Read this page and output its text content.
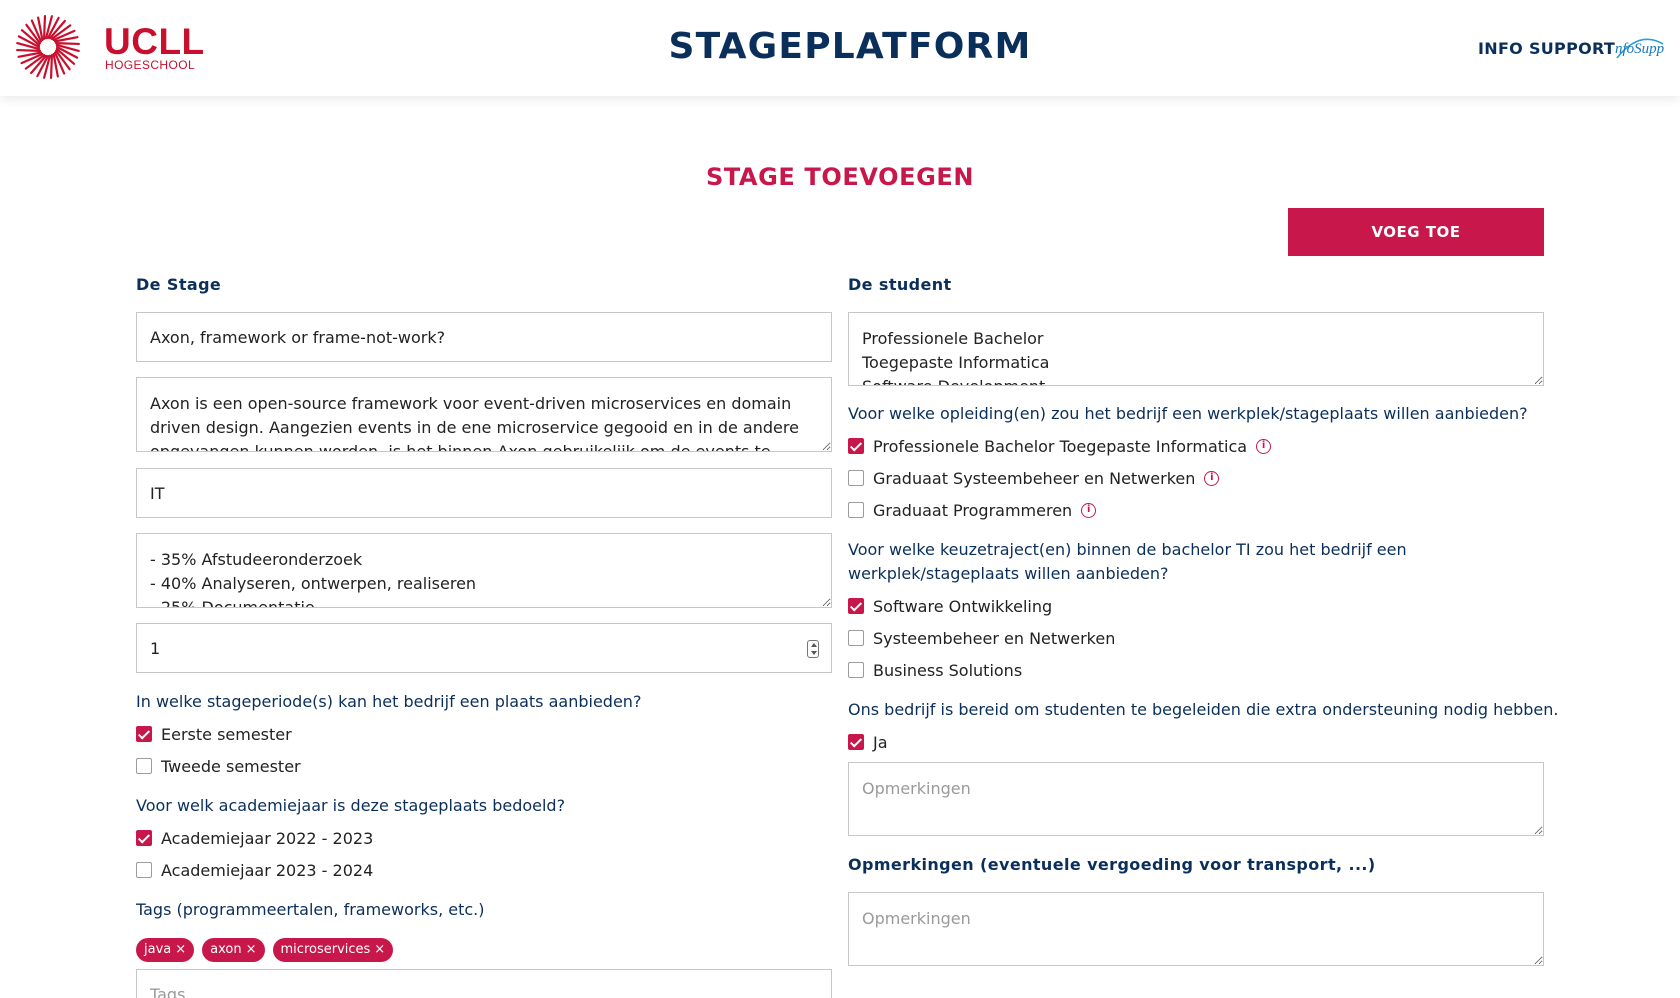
UCLL
HOGESCHOOL	STAGEPLATFORM	INFO SUPPORT nfoSupp
STAGE TOEVOEGEN
VOEG TOE
De Stage
Axon, framework or frame-not-work?
Axon is een open-source framework voor event-driven microservices en domain driven design. Aangezien events in de ene microservice gegooid en in de andere opgevangen kunnen worden, is het binnen Axon gebruikelijk om de events te definiëren in een
IT
- 35% Afstudeeronderzoek - 40% Analyseren, ontwerpen, realiseren - 25% Documentatie
1
In welke stageperiode(s) kan het bedrijf een plaats aanbieden?
Eerste semester
Tweede semester
Voor welk academiejaar is deze stageplaats bedoeld?
Academiejaar 2022 - 2023
Academiejaar 2023 - 2024
Tags (programmeertalen, frameworks, etc.)
java × axon × microservices ×
Tags
De student
Professionele Bachelor Toegepaste Informatica Software Development
Voor welke opleiding(en) zou het bedrijf een werkplek/stageplaats willen aanbieden?
Professionele Bachelor Toegepaste Informatica	i
Graduaat Systeembeheer en Netwerken	i
Graduaat Programmeren	i
Voor welke keuzetraject(en) binnen de bachelor TI zou het bedrijf een werkplek/stageplaats willen aanbieden?
Software Ontwikkeling
Systeembeheer en Netwerken
Business Solutions
Ons bedrijf is bereid om studenten te begeleiden die extra ondersteuning nodig hebben.
Ja
Opmerkingen
Opmerkingen (eventuele vergoeding voor transport, ...)
Opmerkingen
